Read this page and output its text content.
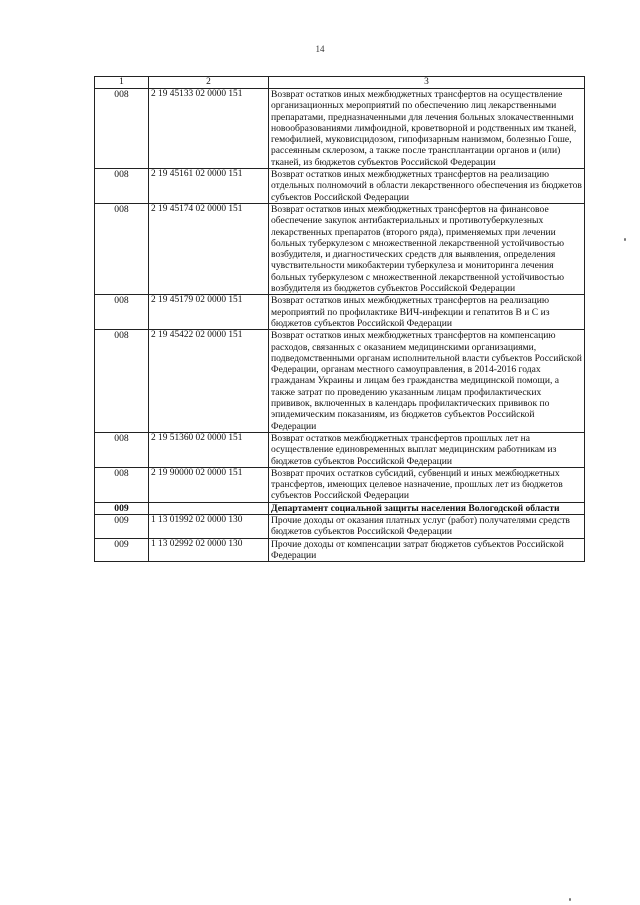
14
1	2	3
008	2 19 45133 02 0000 151	Возврат остатков иных межбюджетных трансфертов на осуществление организационных мероприятий по обеспечению лиц лекарственными препаратами, предназначенными для лечения больных злокачественными новообразованиями лимфоидной, кроветворной и родственных им тканей, гемофилией, муковисцидозом, гипофизарным нанизмом, болезнью Гоше, рассеянным склерозом, а также после трансплантации органов и (или) тканей, из бюджетов субъектов Российской Федерации
008	2 19 45161 02 0000 151	Возврат остатков иных межбюджетных трансфертов на реализацию отдельных полномочий в области лекарственного обеспечения из бюджетов субъектов Российской Федерации
008	2 19 45174 02 0000 151	Возврат остатков иных межбюджетных трансфертов на финансовое обеспечение закупок антибактериальных и противотуберкулезных лекарственных препаратов (второго ряда), применяемых при лечении больных туберкулезом с множественной лекарственной устойчивостью возбудителя, и диагностических средств для выявления, определения чувствительности микобактерии туберкулеза и мониторинга лечения больных туберкулезом с множественной лекарственной устойчивостью возбудителя из бюджетов субъектов Российской Федерации
008	2 19 45179 02 0000 151	Возврат остатков иных межбюджетных трансфертов на реализацию мероприятий по профилактике ВИЧ-инфекции и гепатитов В и С из бюджетов субъектов Российской Федерации
008	2 19 45422 02 0000 151	Возврат остатков иных межбюджетных трансфертов на компенсацию расходов, связанных с оказанием медицинскими организациями, подведомственными органам исполнительной власти субъектов Российской Федерации, органам местного самоуправления, в 2014-2016 годах гражданам Украины и лицам без гражданства медицинской помощи, а также затрат по проведению указанным лицам профилактических прививок, включенных в календарь профилактических прививок по эпидемическим показаниям, из бюджетов субъектов Российской Федерации
008	2 19 51360 02 0000 151	Возврат остатков межбюджетных трансфертов прошлых лет на осуществление единовременных выплат медицинским работникам из бюджетов субъектов Российской Федерации
008	2 19 90000 02 0000 151	Возврат прочих остатков субсидий, субвенций и иных межбюджетных трансфертов, имеющих целевое назначение, прошлых лет из бюджетов субъектов Российской Федерации
009		Департамент социальной защиты населения Вологодской области
009	1 13 01992 02 0000 130	Прочие доходы от оказания платных услуг (работ) получателями средств бюджетов субъектов Российской Федерации
009	1 13 02992 02 0000 130	Прочие доходы от компенсации затрат бюджетов субъектов Российской Федерации
